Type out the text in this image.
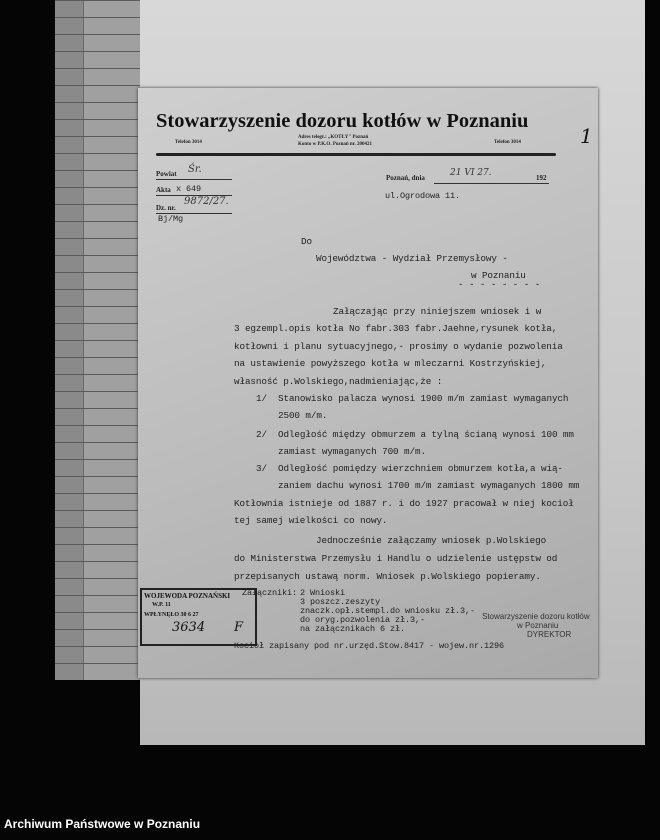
Stowarzyszenie dozoru kotłów w Poznaniu
1
Telefon 3014
Adres telegr.: „KOTŁY" Poznań
Konto w P.K.O. Poznań nr. 200421	Telefon 3014
Powiat Śr.
Akta x 649
Dz. nr.
9872/27.
Bj/Mg
Poznań, dnia	21 VI 27.	192
ul.Ogrodowa 11.
Do
Województwa - Wydział Przemysłowy -
w Poznaniu
- - - - - - - -
Załączając przy niniejszem wniosek i w
3 egzempl.opis kotła No fabr.303 fabr.Jaehne,rysunek kotła,
kotłowni i planu sytuacyjnego,- prosimy o wydanie pozwolenia
na ustawienie powyższego kotła w mleczarni Kostrzyńskiej,
własność p.Wolskiego,nadmieniając,że :
1/ Stanowisko palacza wynosi 1900 m/m zamiast wymaganych
2500 m/m.
2/ Odległość między obmurzem a tylną ścianą wynosi 100 mm
zamiast wymaganych 700 m/m.
3/ Odległość pomiędzy wierzchniem obmurzem kotła,a wią-
zaniem dachu wynosi 1700 m/m zamiast wymaganych 1800 mm
Kotłownia istnieje od 1887 r. i do 1927 pracował w niej kocioł
tej samej wielkości co nowy.
Jednocześnie załączamy wniosek p.Wolskiego
do Ministerstwa Przemysłu i Handlu o udzielenie ustępstw od
przepisanych ustawą norm. Wniosek p.Wolskiego popieramy.
Załączniki: 2 Wnioski
3 poszcz.zeszyty
znaczk.opł.stempl.do wniosku zł.3,-
do oryg.pozwolenia zł.3,-
na załącznikach 6 zł.
Kocioł zapisany pod nr.urzęd.Stow.8417 - wojew.nr.1296
WOJEWODA POZNAŃSKI
W.P. 11
WPŁYNĘŁO 30 6 27
3634 F
Stowarzyszenie dozoru kotłów
w Poznaniu
DYREKTOR
Archiwum Państwowe w Poznaniu
